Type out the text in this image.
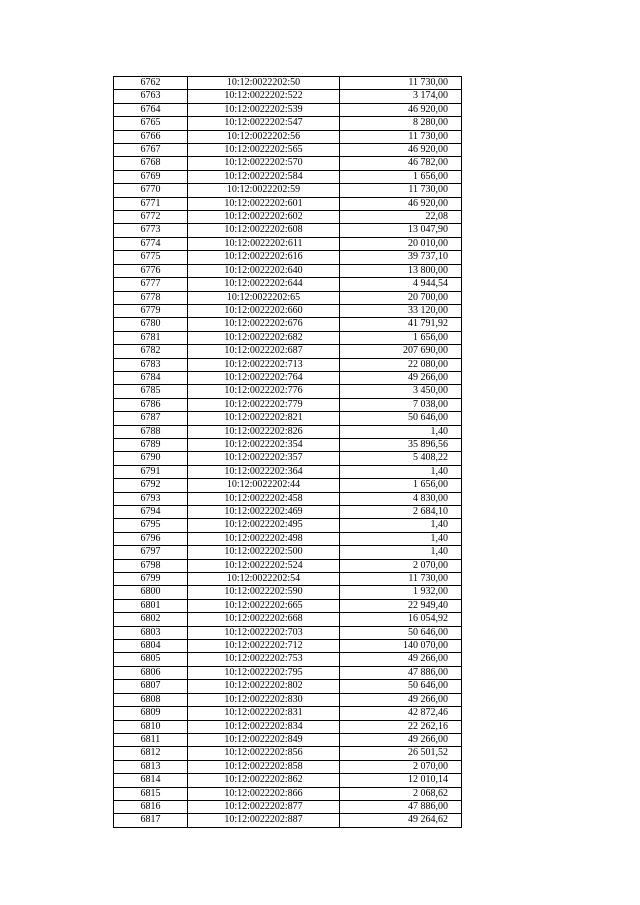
6762	10:12:0022202:50	11 730,00
6763	10:12:0022202:522	3 174,00
6764	10:12:0022202:539	46 920,00
6765	10:12:0022202:547	8 280,00
6766	10:12:0022202:56	11 730,00
6767	10:12:0022202:565	46 920,00
6768	10:12:0022202:570	46 782,00
6769	10:12:0022202:584	1 656,00
6770	10:12:0022202:59	11 730,00
6771	10:12:0022202:601	46 920,00
6772	10:12:0022202:602	22,08
6773	10:12:0022202:608	13 047,90
6774	10:12:0022202:611	20 010,00
6775	10:12:0022202:616	39 737,10
6776	10:12:0022202:640	13 800,00
6777	10:12:0022202:644	4 944,54
6778	10:12:0022202:65	20 700,00
6779	10:12:0022202:660	33 120,00
6780	10:12:0022202:676	41 791,92
6781	10:12:0022202:682	1 656,00
6782	10:12:0022202:687	207 690,00
6783	10:12:0022202:713	22 080,00
6784	10:12:0022202:764	49 266,00
6785	10:12:0022202:776	3 450,00
6786	10:12:0022202:779	7 038,00
6787	10:12:0022202:821	50 646,00
6788	10:12:0022202:826	1,40
6789	10:12:0022202:354	35 896,56
6790	10:12:0022202:357	5 408,22
6791	10:12:0022202:364	1,40
6792	10:12:0022202:44	1 656,00
6793	10:12:0022202:458	4 830,00
6794	10:12:0022202:469	2 684,10
6795	10:12:0022202:495	1,40
6796	10:12:0022202:498	1,40
6797	10:12:0022202:500	1,40
6798	10:12:0022202:524	2 070,00
6799	10:12:0022202:54	11 730,00
6800	10:12:0022202:590	1 932,00
6801	10:12:0022202:665	22 949,40
6802	10:12:0022202:668	16 054,92
6803	10:12:0022202:703	50 646,00
6804	10:12:0022202:712	140 070,00
6805	10:12:0022202:753	49 266,00
6806	10:12:0022202:795	47 886,00
6807	10:12:0022202:802	50 646,00
6808	10:12:0022202:830	49 266,00
6809	10:12:0022202:831	42 872,46
6810	10:12:0022202:834	22 262,16
6811	10:12:0022202:849	49 266,00
6812	10:12:0022202:856	26 501,52
6813	10:12:0022202:858	2 070,00
6814	10:12:0022202:862	12 010,14
6815	10:12:0022202:866	2 068,62
6816	10:12:0022202:877	47 886,00
6817	10:12:0022202:887	49 264,62
